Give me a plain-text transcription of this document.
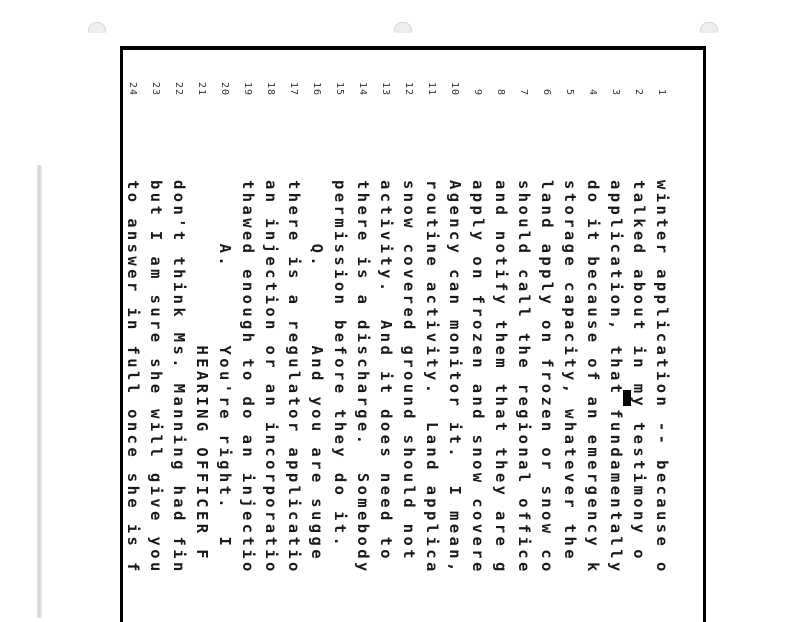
1
winter application -- because o
2
talked about in my testimony o
3
application, that fundamentally
4
do it because of an emergency k
5
storage capacity, whatever the
6
land apply on frozen or snow co
7
should call the regional office
8
and notify them that they are g
9
apply on frozen and snow covere
10
Agency can monitor it.  I mean,
11
routine activity.  Land applica
12
snow covered ground should not
13
activity.  And it does need to
14
there is a discharge.  Somebody
15
permission before they do it.
16
Q.      And you are sugge
17
there is a regulator applicatio
18
an injection or an incorporatio
19
thawed enough to do an injectio
20
A.      You're right.  I
21
HEARING OFFICER F
22
don't think Ms. Manning had fin
23
but I am sure she will give you
24
to answer in full once she is f
